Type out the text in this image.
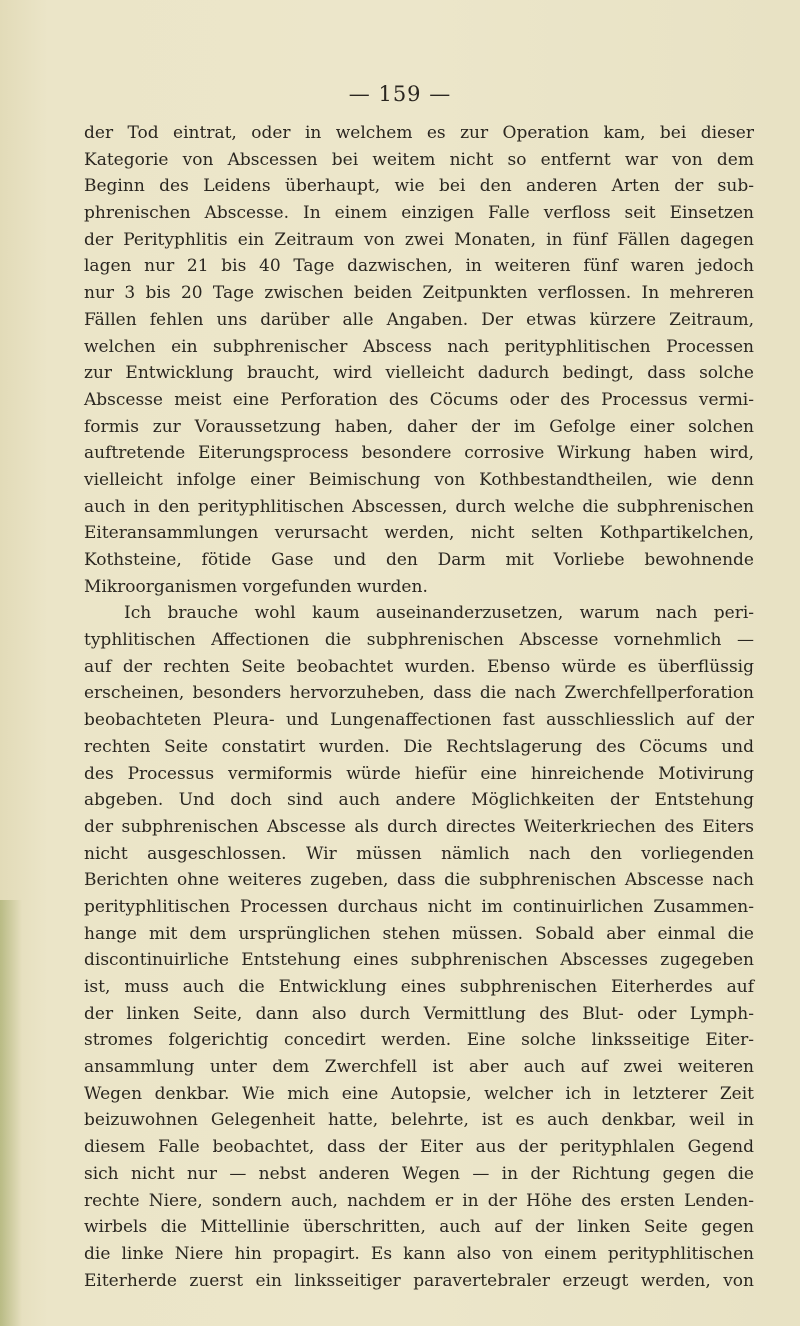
— 159 —
der Tod eintrat, oder in welchem es zur Operation kam, bei dieser
Kategorie von Abscessen bei weitem nicht so entfernt war von dem
Beginn des Leidens überhaupt, wie bei den anderen Arten der sub-
phrenischen Abscesse. In einem einzigen Falle verfloss seit Einsetzen
der Perityphlitis ein Zeitraum von zwei Monaten, in fünf Fällen dagegen
lagen nur 21 bis 40 Tage dazwischen, in weiteren fünf waren jedoch
nur 3 bis 20 Tage zwischen beiden Zeitpunkten verflossen. In mehreren
Fällen fehlen uns darüber alle Angaben. Der etwas kürzere Zeitraum,
welchen ein subphrenischer Abscess nach perityphlitischen Processen
zur Entwicklung braucht, wird vielleicht dadurch bedingt, dass solche
Abscesse meist eine Perforation des Cöcums oder des Processus vermi-
formis zur Voraussetzung haben, daher der im Gefolge einer solchen
auftretende Eiterungsprocess besondere corrosive Wirkung haben wird,
vielleicht infolge einer Beimischung von Kothbestandtheilen, wie denn
auch in den perityphlitischen Abscessen, durch welche die subphrenischen
Eiteransammlungen verursacht werden, nicht selten Kothpartikelchen,
Kothsteine, fötide Gase und den Darm mit Vorliebe bewohnende
Mikroorganismen vorgefunden wurden.
Ich brauche wohl kaum auseinanderzusetzen, warum nach peri-
typhlitischen Affectionen die subphrenischen Abscesse vornehmlich —
auf der rechten Seite beobachtet wurden. Ebenso würde es überflüssig
erscheinen, besonders hervorzuheben, dass die nach Zwerchfellperforation
beobachteten Pleura- und Lungenaffectionen fast ausschliesslich auf der
rechten Seite constatirt wurden. Die Rechtslagerung des Cöcums und
des Processus vermiformis würde hiefür eine hinreichende Motivirung
abgeben. Und doch sind auch andere Möglichkeiten der Entstehung
der subphrenischen Abscesse als durch directes Weiterkriechen des Eiters
nicht ausgeschlossen. Wir müssen nämlich nach den vorliegenden
Berichten ohne weiteres zugeben, dass die subphrenischen Abscesse nach
perityphlitischen Processen durchaus nicht im continuirlichen Zusammen-
hange mit dem ursprünglichen stehen müssen. Sobald aber einmal die
discontinuirliche Entstehung eines subphrenischen Abscesses zugegeben
ist, muss auch die Entwicklung eines subphrenischen Eiterherdes auf
der linken Seite, dann also durch Vermittlung des Blut- oder Lymph-
stromes folgerichtig concedirt werden. Eine solche linksseitige Eiter-
ansammlung unter dem Zwerchfell ist aber auch auf zwei weiteren
Wegen denkbar. Wie mich eine Autopsie, welcher ich in letzterer Zeit
beizuwohnen Gelegenheit hatte, belehrte, ist es auch denkbar, weil in
diesem Falle beobachtet, dass der Eiter aus der perityphlalen Gegend
sich nicht nur — nebst anderen Wegen — in der Richtung gegen die
rechte Niere, sondern auch, nachdem er in der Höhe des ersten Lenden-
wirbels die Mittellinie überschritten, auch auf der linken Seite gegen
die linke Niere hin propagirt. Es kann also von einem perityphlitischen
Eiterherde zuerst ein linksseitiger paravertebraler erzeugt werden, von
